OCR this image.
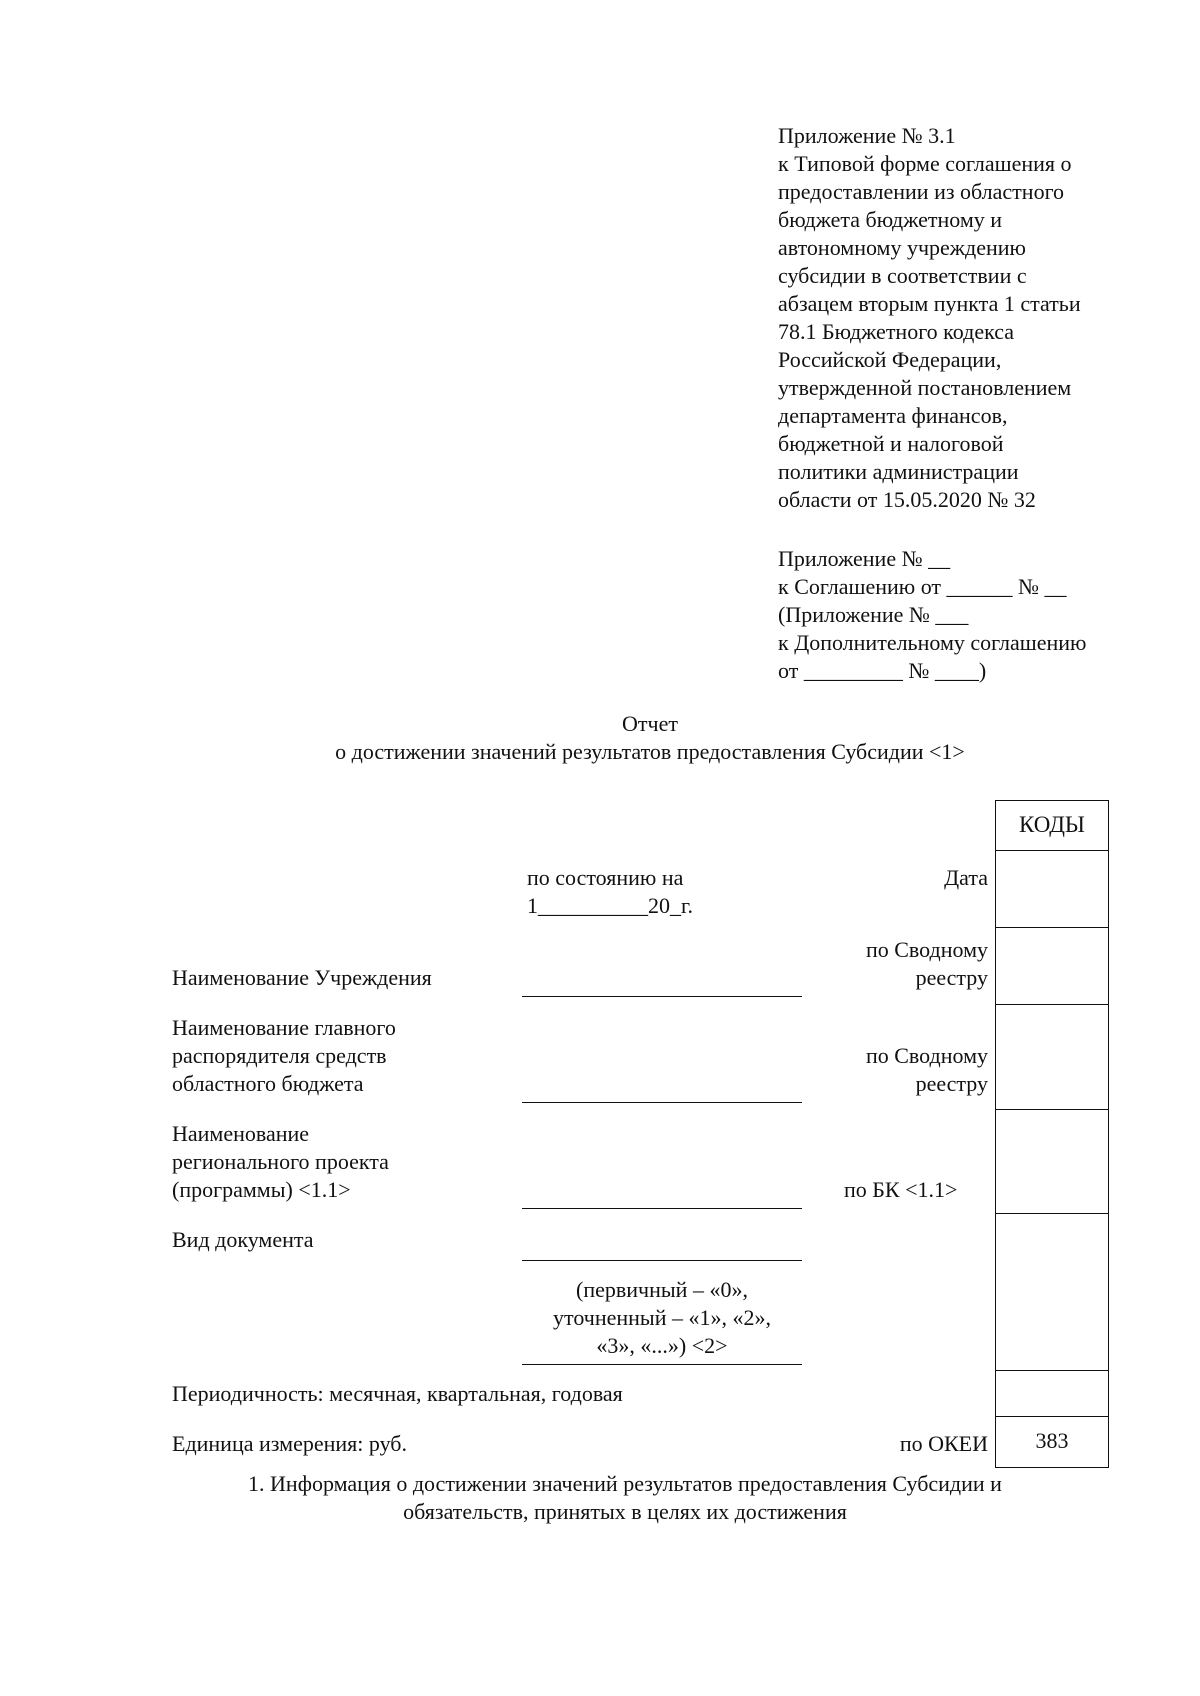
Приложение № 3.1
к Типовой форме соглашения о
предоставлении из областного
бюджета бюджетному и
автономному учреждению
субсидии в соответствии с
абзацем вторым пункта 1 статьи
78.1 Бюджетного кодекса
Российской Федерации,
утвержденной постановлением
департамента финансов,
бюджетной и налоговой
политики администрации
области от 15.05.2020 № 32
Приложение № __
к Соглашению от ______ № __
(Приложение № ___
к Дополнительному соглашению
от _________ № ____)
Отчет
о достижении значений результатов предоставления Субсидии <1>
КОДЫ
383
по состоянию на
1__________20_г.
Дата
Наименование Учреждения
по Сводному
реестру
Наименование главного
распорядителя средств
областного бюджета
по Сводному
реестру
Наименование
регионального проекта
(программы) <1.1>	по БК <1.1>
Вид документа
(первичный – «0»,
уточненный – «1», «2»,
«3», «...») <2>
Периодичность: месячная, квартальная, годовая
Единица измерения: руб.	по ОКЕИ
1. Информация о достижении значений результатов предоставления Субсидии и
обязательств, принятых в целях их достижения
